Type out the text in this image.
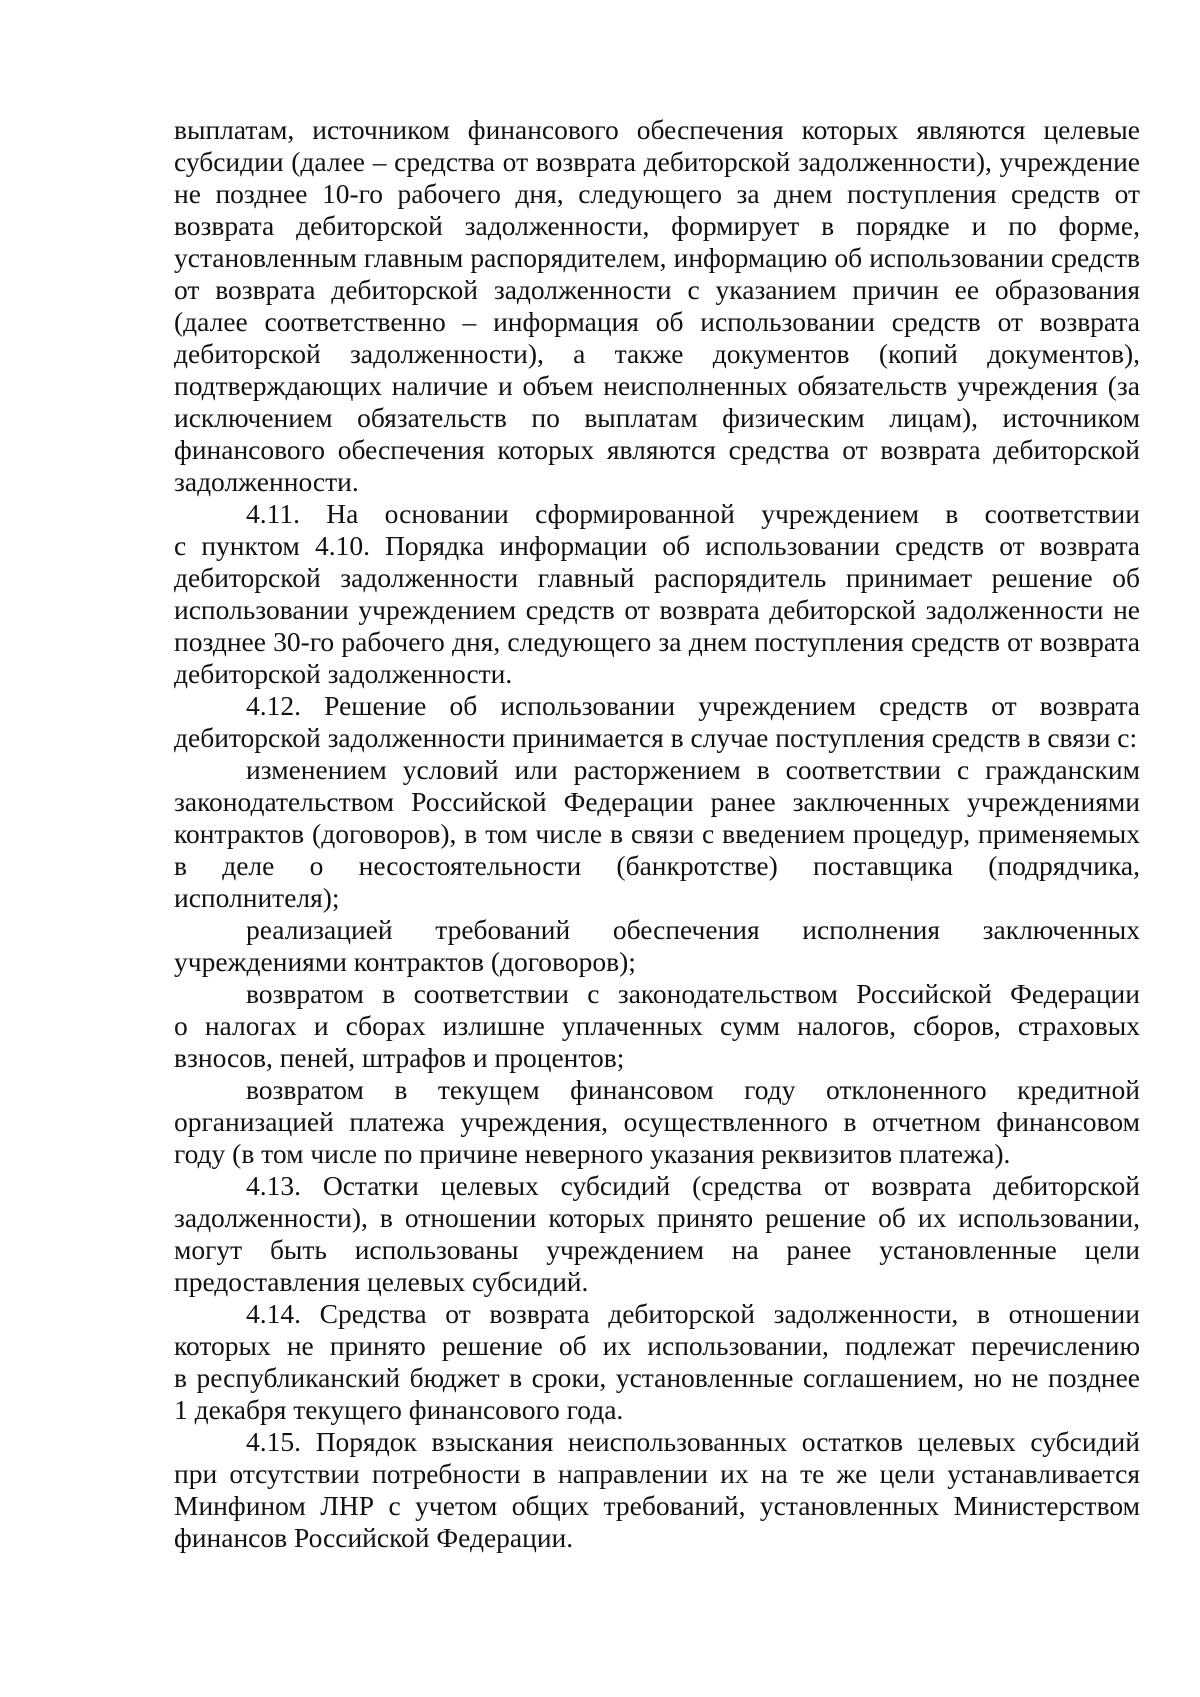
выплатам, источником финансового обеспечения которых являются целевые субсидии (далее – средства от возврата дебиторской задолженности), учреждение не позднее 10-го рабочего дня, следующего за днем поступления средств от возврата дебиторской задолженности, формирует в порядке и по форме, установленным главным распорядителем, информацию об использовании средств от возврата дебиторской задолженности с указанием причин ее образования (далее соответственно – информация об использовании средств от возврата дебиторской задолженности), а также документов (копий документов), подтверждающих наличие и объем неисполненных обязательств учреждения (за исключением обязательств по выплатам физическим лицам), источником финансового обеспечения которых являются средства от возврата дебиторской задолженности.

4.11. На основании сформированной учреждением в соответствии с пунктом 4.10. Порядка информации об использовании средств от возврата дебиторской задолженности главный распорядитель принимает решение об использовании учреждением средств от возврата дебиторской задолженности не позднее 30-го рабочего дня, следующего за днем поступления средств от возврата дебиторской задолженности.

4.12. Решение об использовании учреждением средств от возврата дебиторской задолженности принимается в случае поступления средств в связи с:

изменением условий или расторжением в соответствии с гражданским законодательством Российской Федерации ранее заключенных учреждениями контрактов (договоров), в том числе в связи с введением процедур, применяемых в деле о несостоятельности (банкротстве) поставщика (подрядчика, исполнителя);

реализацией требований обеспечения исполнения заключенных учреждениями контрактов (договоров);

возвратом в соответствии с законодательством Российской Федерации о налогах и сборах излишне уплаченных сумм налогов, сборов, страховых взносов, пеней, штрафов и процентов;

возвратом в текущем финансовом году отклоненного кредитной организацией платежа учреждения, осуществленного в отчетном финансовом году (в том числе по причине неверного указания реквизитов платежа).

4.13. Остатки целевых субсидий (средства от возврата дебиторской задолженности), в отношении которых принято решение об их использовании, могут быть использованы учреждением на ранее установленные цели предоставления целевых субсидий.

4.14. Средства от возврата дебиторской задолженности, в отношении которых не принято решение об их использовании, подлежат перечислению в республиканский бюджет в сроки, установленные соглашением, но не позднее 1 декабря текущего финансового года.

4.15. Порядок взыскания неиспользованных остатков целевых субсидий при отсутствии потребности в направлении их на те же цели устанавливается Минфином ЛНР с учетом общих требований, установленных Министерством финансов Российской Федерации.
